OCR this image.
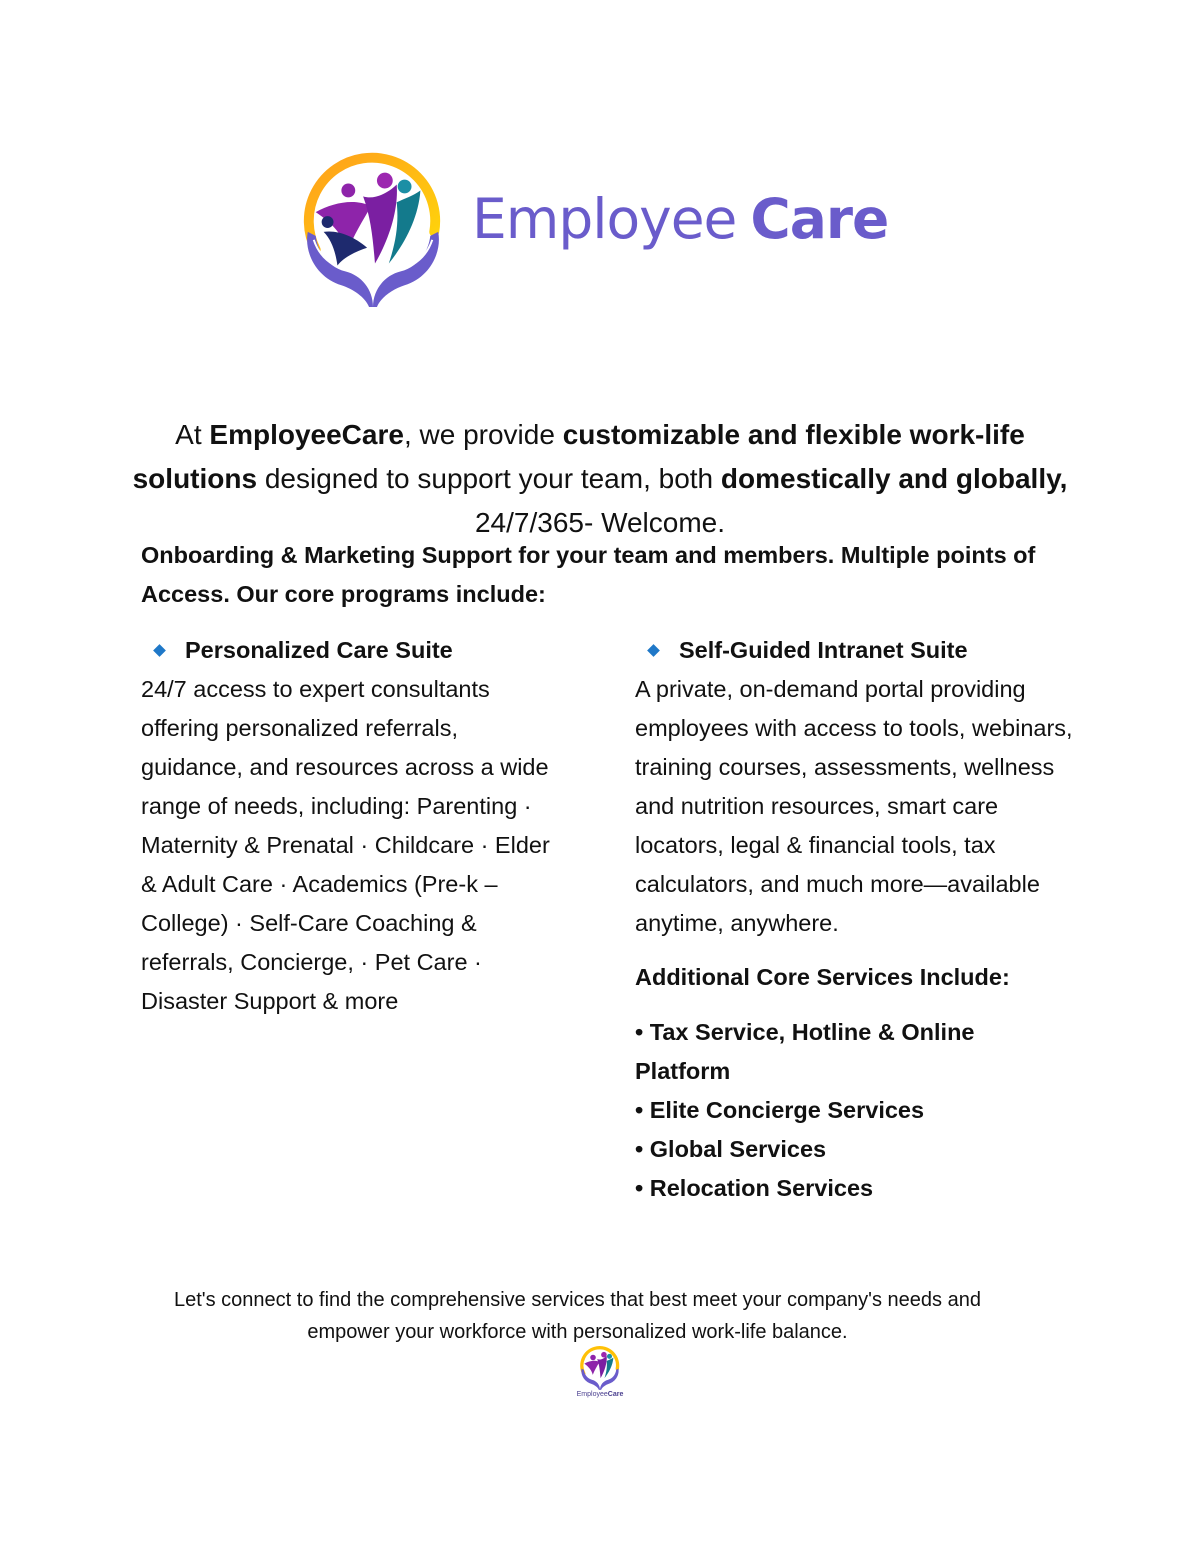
Employee Care

At EmployeeCare, we provide customizable and flexible work-life solutions designed to support your team, both domestically and globally, 24/7/365- Welcome.

Onboarding & Marketing Support for your team and members. Multiple points of Access. Our core programs include:
Personalized Care Suite

24/7 access to expert consultants offering personalized referrals, guidance, and resources across a wide range of needs, including: Parenting · Maternity & Prenatal · Childcare · Elder & Adult Care · Academics (Pre-k –College) · Self-Care Coaching & referrals, Concierge, · Pet Care · Disaster Support & more

Self-Guided Intranet Suite

A private, on-demand portal providing employees with access to tools, webinars, training courses, assessments, wellness and nutrition resources, smart care locators, legal & financial tools, tax calculators, and much more—available anytime, anywhere.

Additional Core Services Include:
• Tax Service, Hotline & Online Platform
• Elite Concierge Services
• Global Services
• Relocation Services

Let's connect to find the comprehensive services that best meet your company's needs and empower your workforce with personalized work-life balance.

EmployeeCare
